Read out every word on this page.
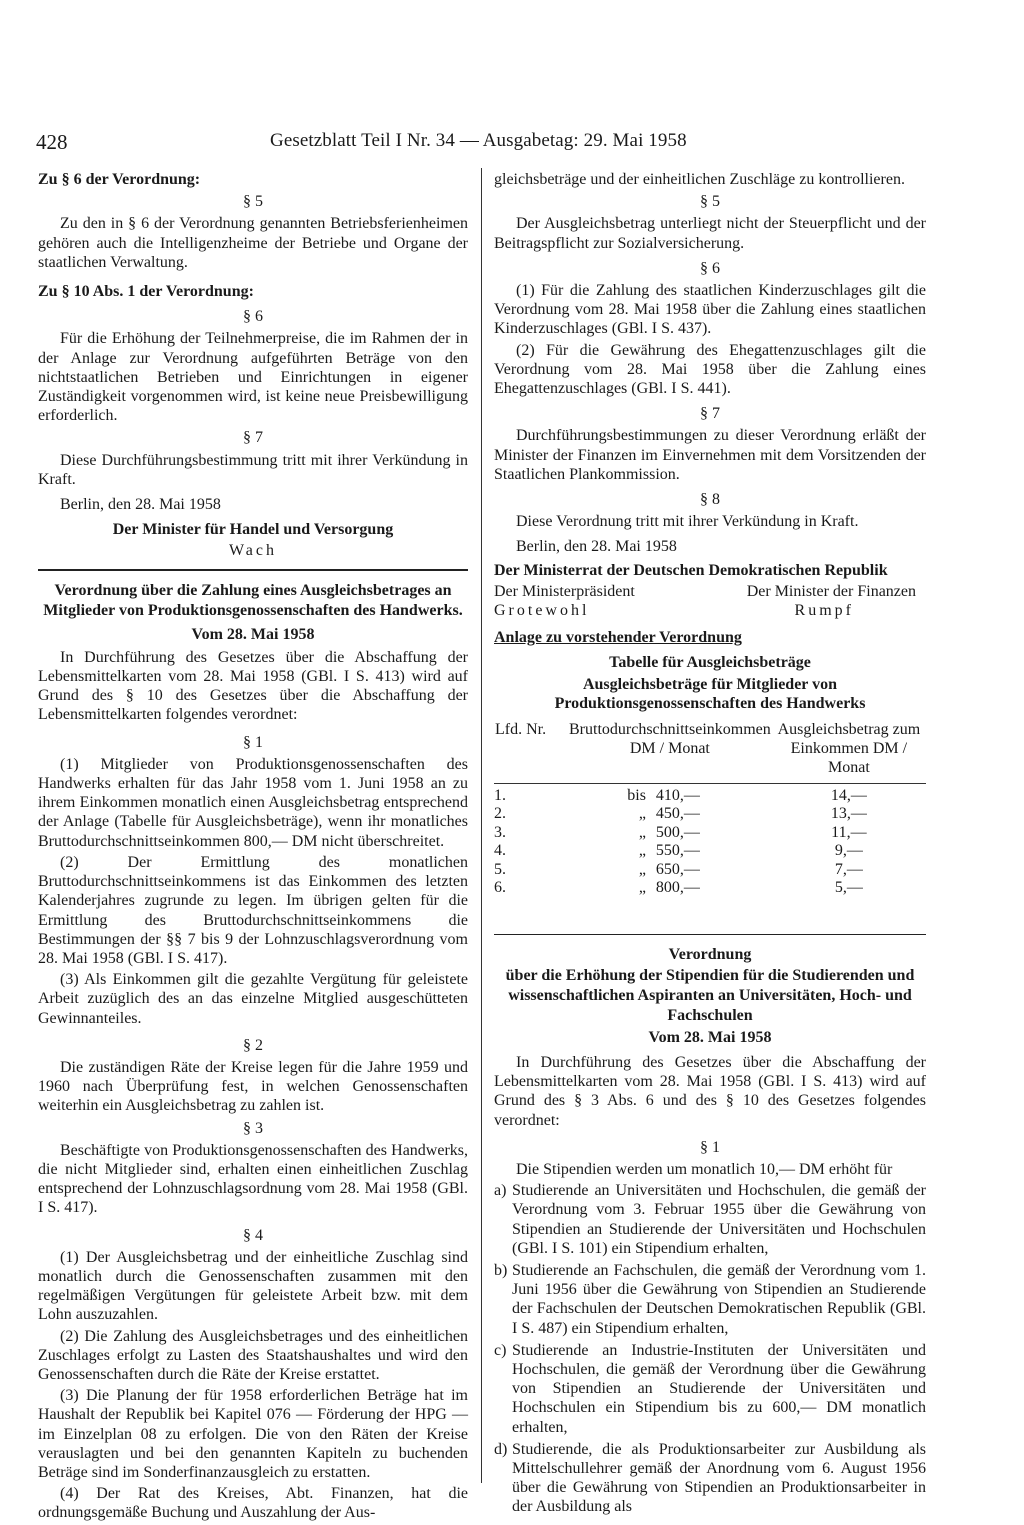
428	Gesetzblatt Teil I Nr. 34 — Ausgabetag: 29. Mai 1958

Zu § 6 der Verordnung:

§ 5

Zu den in § 6 der Verordnung genannten Betriebsferienheimen gehören auch die Intelligenzheime der Betriebe und Organe der staatlichen Verwaltung.

Zu § 10 Abs. 1 der Verordnung:

§ 6

Für die Erhöhung der Teilnehmerpreise, die im Rahmen der in der Anlage zur Verordnung aufgeführten Beträge von den nichtstaatlichen Betrieben und Einrichtungen in eigener Zuständigkeit vorgenommen wird, ist keine neue Preisbewilligung erforderlich.

§ 7

Diese Durchführungsbestimmung tritt mit ihrer Verkündung in Kraft.

Berlin, den 28. Mai 1958

Der Minister für Handel und Versorgung

Wach

Verordnung über die Zahlung eines Ausgleichsbetrages an Mitglieder von Produktionsgenossenschaften des Handwerks.

Vom 28. Mai 1958

In Durchführung des Gesetzes über die Abschaffung der Lebensmittelkarten vom 28. Mai 1958 (GBl. I S. 413) wird auf Grund des § 10 des Gesetzes über die Abschaffung der Lebensmittelkarten folgendes verordnet:

§ 1

(1) Mitglieder von Produktionsgenossenschaften des Handwerks erhalten für das Jahr 1958 vom 1. Juni 1958 an zu ihrem Einkommen monatlich einen Ausgleichsbetrag entsprechend der Anlage (Tabelle für Ausgleichsbeträge), wenn ihr monatliches Bruttodurchschnittseinkommen 800,— DM nicht überschreitet.

(2) Der Ermittlung des monatlichen Bruttodurchschnittseinkommens ist das Einkommen des letzten Kalenderjahres zugrunde zu legen. Im übrigen gelten für die Ermittlung des Bruttodurchschnittseinkommens die Bestimmungen der §§ 7 bis 9 der Lohnzuschlagsverordnung vom 28. Mai 1958 (GBl. I S. 417).

(3) Als Einkommen gilt die gezahlte Vergütung für geleistete Arbeit zuzüglich des an das einzelne Mitglied ausgeschütteten Gewinnanteiles.

§ 2

Die zuständigen Räte der Kreise legen für die Jahre 1959 und 1960 nach Überprüfung fest, in welchen Genossenschaften weiterhin ein Ausgleichsbetrag zu zahlen ist.

§ 3

Beschäftigte von Produktionsgenossenschaften des Handwerks, die nicht Mitglieder sind, erhalten einen einheitlichen Zuschlag entsprechend der Lohnzuschlagsordnung vom 28. Mai 1958 (GBl. I S. 417).

§ 4

(1) Der Ausgleichsbetrag und der einheitliche Zuschlag sind monatlich durch die Genossenschaften zusammen mit den regelmäßigen Vergütungen für geleistete Arbeit bzw. mit dem Lohn auszuzahlen.

(2) Die Zahlung des Ausgleichsbetrages und des einheitlichen Zuschlages erfolgt zu Lasten des Staatshaushaltes und wird den Genossenschaften durch die Räte der Kreise erstattet.

(3) Die Planung der für 1958 erforderlichen Beträge hat im Haushalt der Republik bei Kapitel 076 — Förderung der HPG — im Einzelplan 08 zu erfolgen. Die von den Räten der Kreise verauslagten und bei den genannten Kapiteln zu buchenden Beträge sind im Sonderfinanzausgleich zu erstatten.

(4) Der Rat des Kreises, Abt. Finanzen, hat die ordnungsgemäße Buchung und Auszahlung der Aus-

gleichsbeträge und der einheitlichen Zuschläge zu kontrollieren.

§ 5

Der Ausgleichsbetrag unterliegt nicht der Steuerpflicht und der Beitragspflicht zur Sozialversicherung.

§ 6

(1) Für die Zahlung des staatlichen Kinderzuschlages gilt die Verordnung vom 28. Mai 1958 über die Zahlung eines staatlichen Kinderzuschlages (GBl. I S. 437).

(2) Für die Gewährung des Ehegattenzuschlages gilt die Verordnung vom 28. Mai 1958 über die Zahlung eines Ehegattenzuschlages (GBl. I S. 441).

§ 7

Durchführungsbestimmungen zu dieser Verordnung erläßt der Minister der Finanzen im Einvernehmen mit dem Vorsitzenden der Staatlichen Plankommission.

§ 8

Diese Verordnung tritt mit ihrer Verkündung in Kraft.

Berlin, den 28. Mai 1958

Der Ministerrat der Deutschen Demokratischen Republik

Der Ministerpräsident	Der Minister der Finanzen
Grotewohl	Rumpf

Anlage zu vorstehender Verordnung

Tabelle für Ausgleichsbeträge

Ausgleichsbeträge für Mitglieder von Produktionsgenossenschaften des Handwerks

Lfd. Nr.	Bruttodurchschnittseinkommen DM / Monat		Ausgleichsbetrag zum Einkommen DM / Monat
1.	bis	410,—	14,—
2.	„	450,—	13,—
3.	„	500,—	11,—
4.	„	550,—	9,—
5.	„	650,—	7,—
6.	„	800,—	5,—

Verordnung

über die Erhöhung der Stipendien für die Studierenden und wissenschaftlichen Aspiranten an Universitäten, Hoch- und Fachschulen

Vom 28. Mai 1958

In Durchführung des Gesetzes über die Abschaffung der Lebensmittelkarten vom 28. Mai 1958 (GBl. I S. 413) wird auf Grund des § 3 Abs. 6 und des § 10 des Gesetzes folgendes verordnet:

§ 1

Die Stipendien werden um monatlich 10,— DM erhöht für

a) Studierende an Universitäten und Hochschulen, die gemäß der Verordnung vom 3. Februar 1955 über die Gewährung von Stipendien an Studierende der Universitäten und Hochschulen (GBl. I S. 101) ein Stipendium erhalten,
b) Studierende an Fachschulen, die gemäß der Verordnung vom 1. Juni 1956 über die Gewährung von Stipendien an Studierende der Fachschulen der Deutschen Demokratischen Republik (GBl. I S. 487) ein Stipendium erhalten,
c) Studierende an Industrie-Instituten der Universitäten und Hochschulen, die gemäß der Verordnung über die Gewährung von Stipendien an Studierende der Universitäten und Hochschulen ein Stipendium bis zu 600,— DM monatlich erhalten,
d) Studierende, die als Produktionsarbeiter zur Ausbildung als Mittelschullehrer gemäß der Anordnung vom 6. August 1956 über die Gewährung von Stipendien an Produktionsarbeiter in der Ausbildung als
